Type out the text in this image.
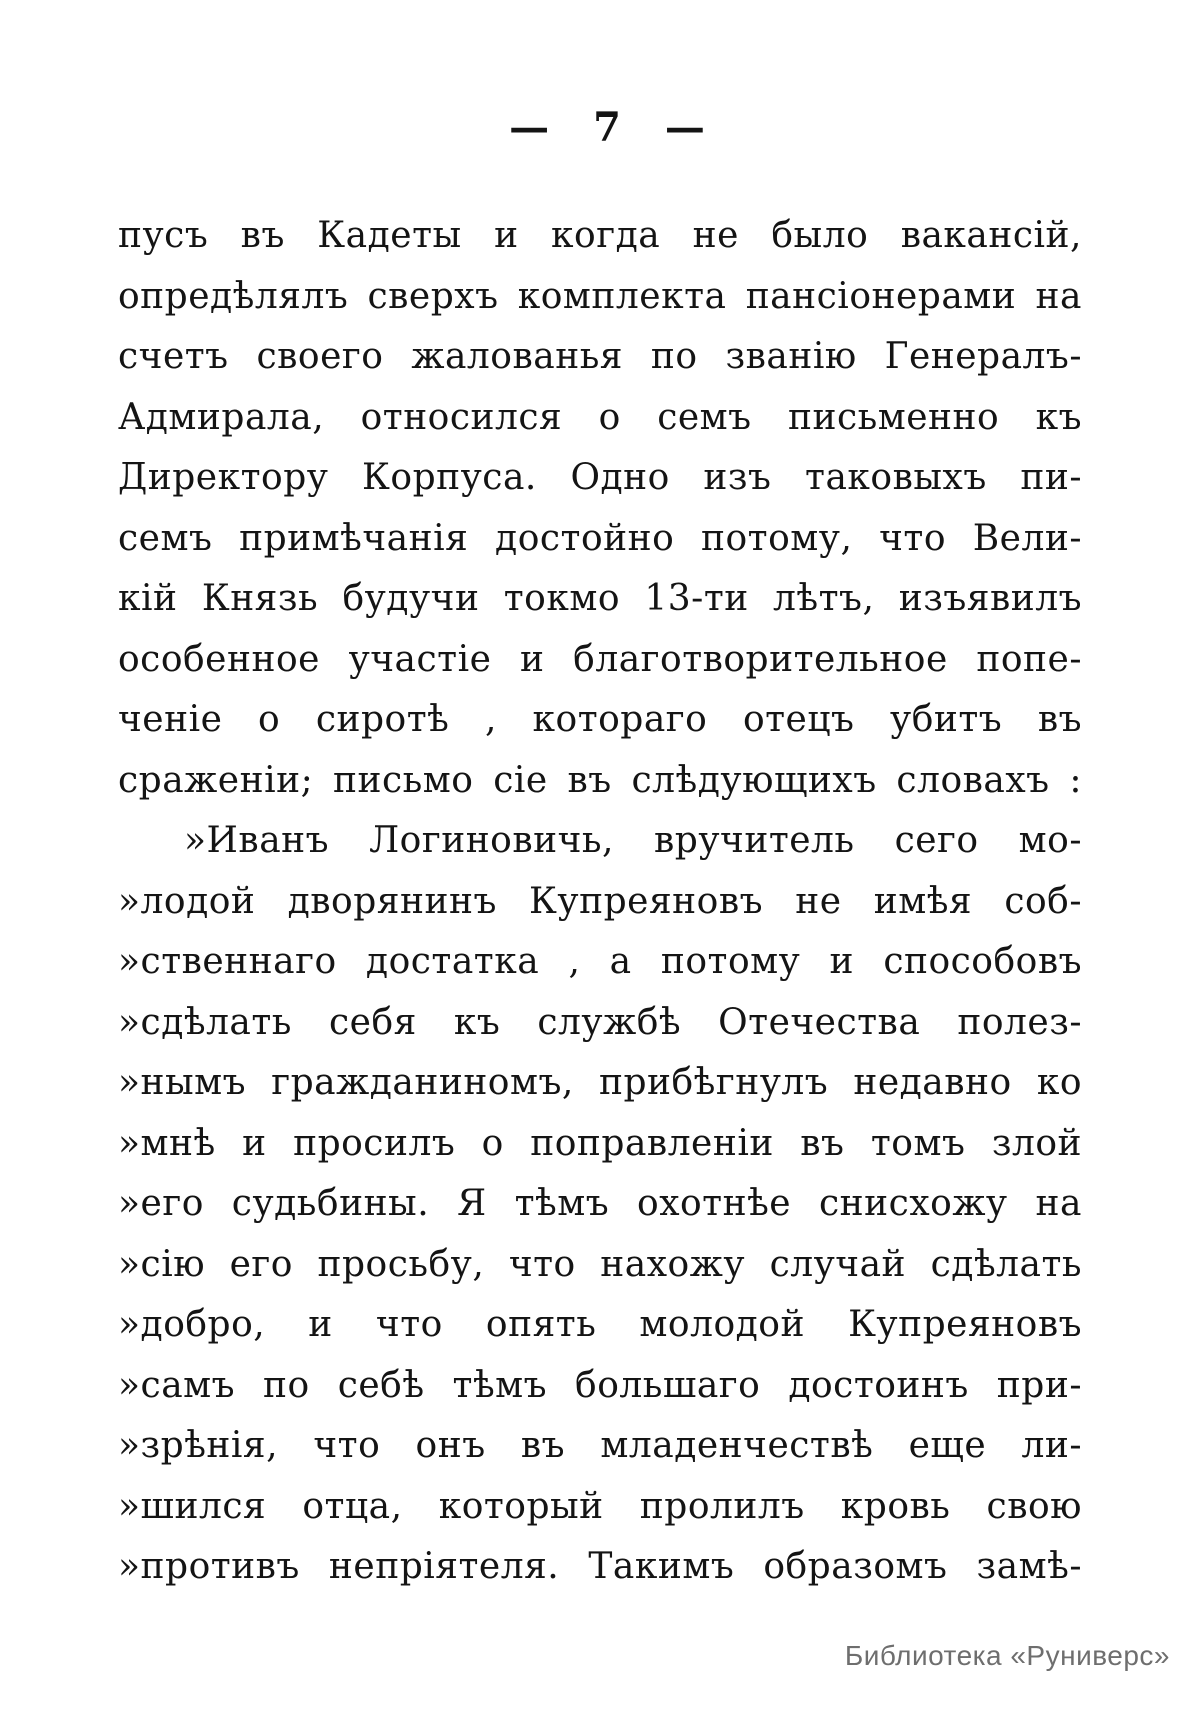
— 7 —
пусъ въ Кадеты и когда не было вакансій,
опредѣлялъ сверхъ комплекта пансіонерами на
счетъ своего жалованья по званію Генералъ-
Адмирала, относился о семъ письменно къ
Директору Корпуса. Одно изъ таковыхъ пи-
семъ примѣчанія достойно потому, что Вели-
кій Князь будучи токмо 13-ти лѣтъ, изъявилъ
особенное участіе и благотворительное попе-
ченіе о сиротѣ , котораго отецъ убитъ въ
сраженіи; письмо сіе въ слѣдующихъ словахъ :
»Иванъ Логиновичь, вручитель сего мо-
»лодой дворянинъ Купреяновъ не имѣя соб-
»ственнаго достатка , а потому и способовъ
»сдѣлать себя къ службѣ Отечества полез-
»нымъ гражданиномъ, прибѣгнулъ недавно ко
»мнѣ и просилъ о поправленіи въ томъ злой
»его судьбины. Я тѣмъ охотнѣе снисхожу на
»сію его просьбу, что нахожу случай сдѣлать
»добро, и что опять молодой Купреяновъ
»самъ по себѣ тѣмъ большаго достоинъ при-
»зрѣнія, что онъ въ младенчествѣ еще ли-
»шился отца, который пролилъ кровь свою
»противъ непріятеля. Такимъ образомъ замѣ-
Библиотека «Руниверс»
